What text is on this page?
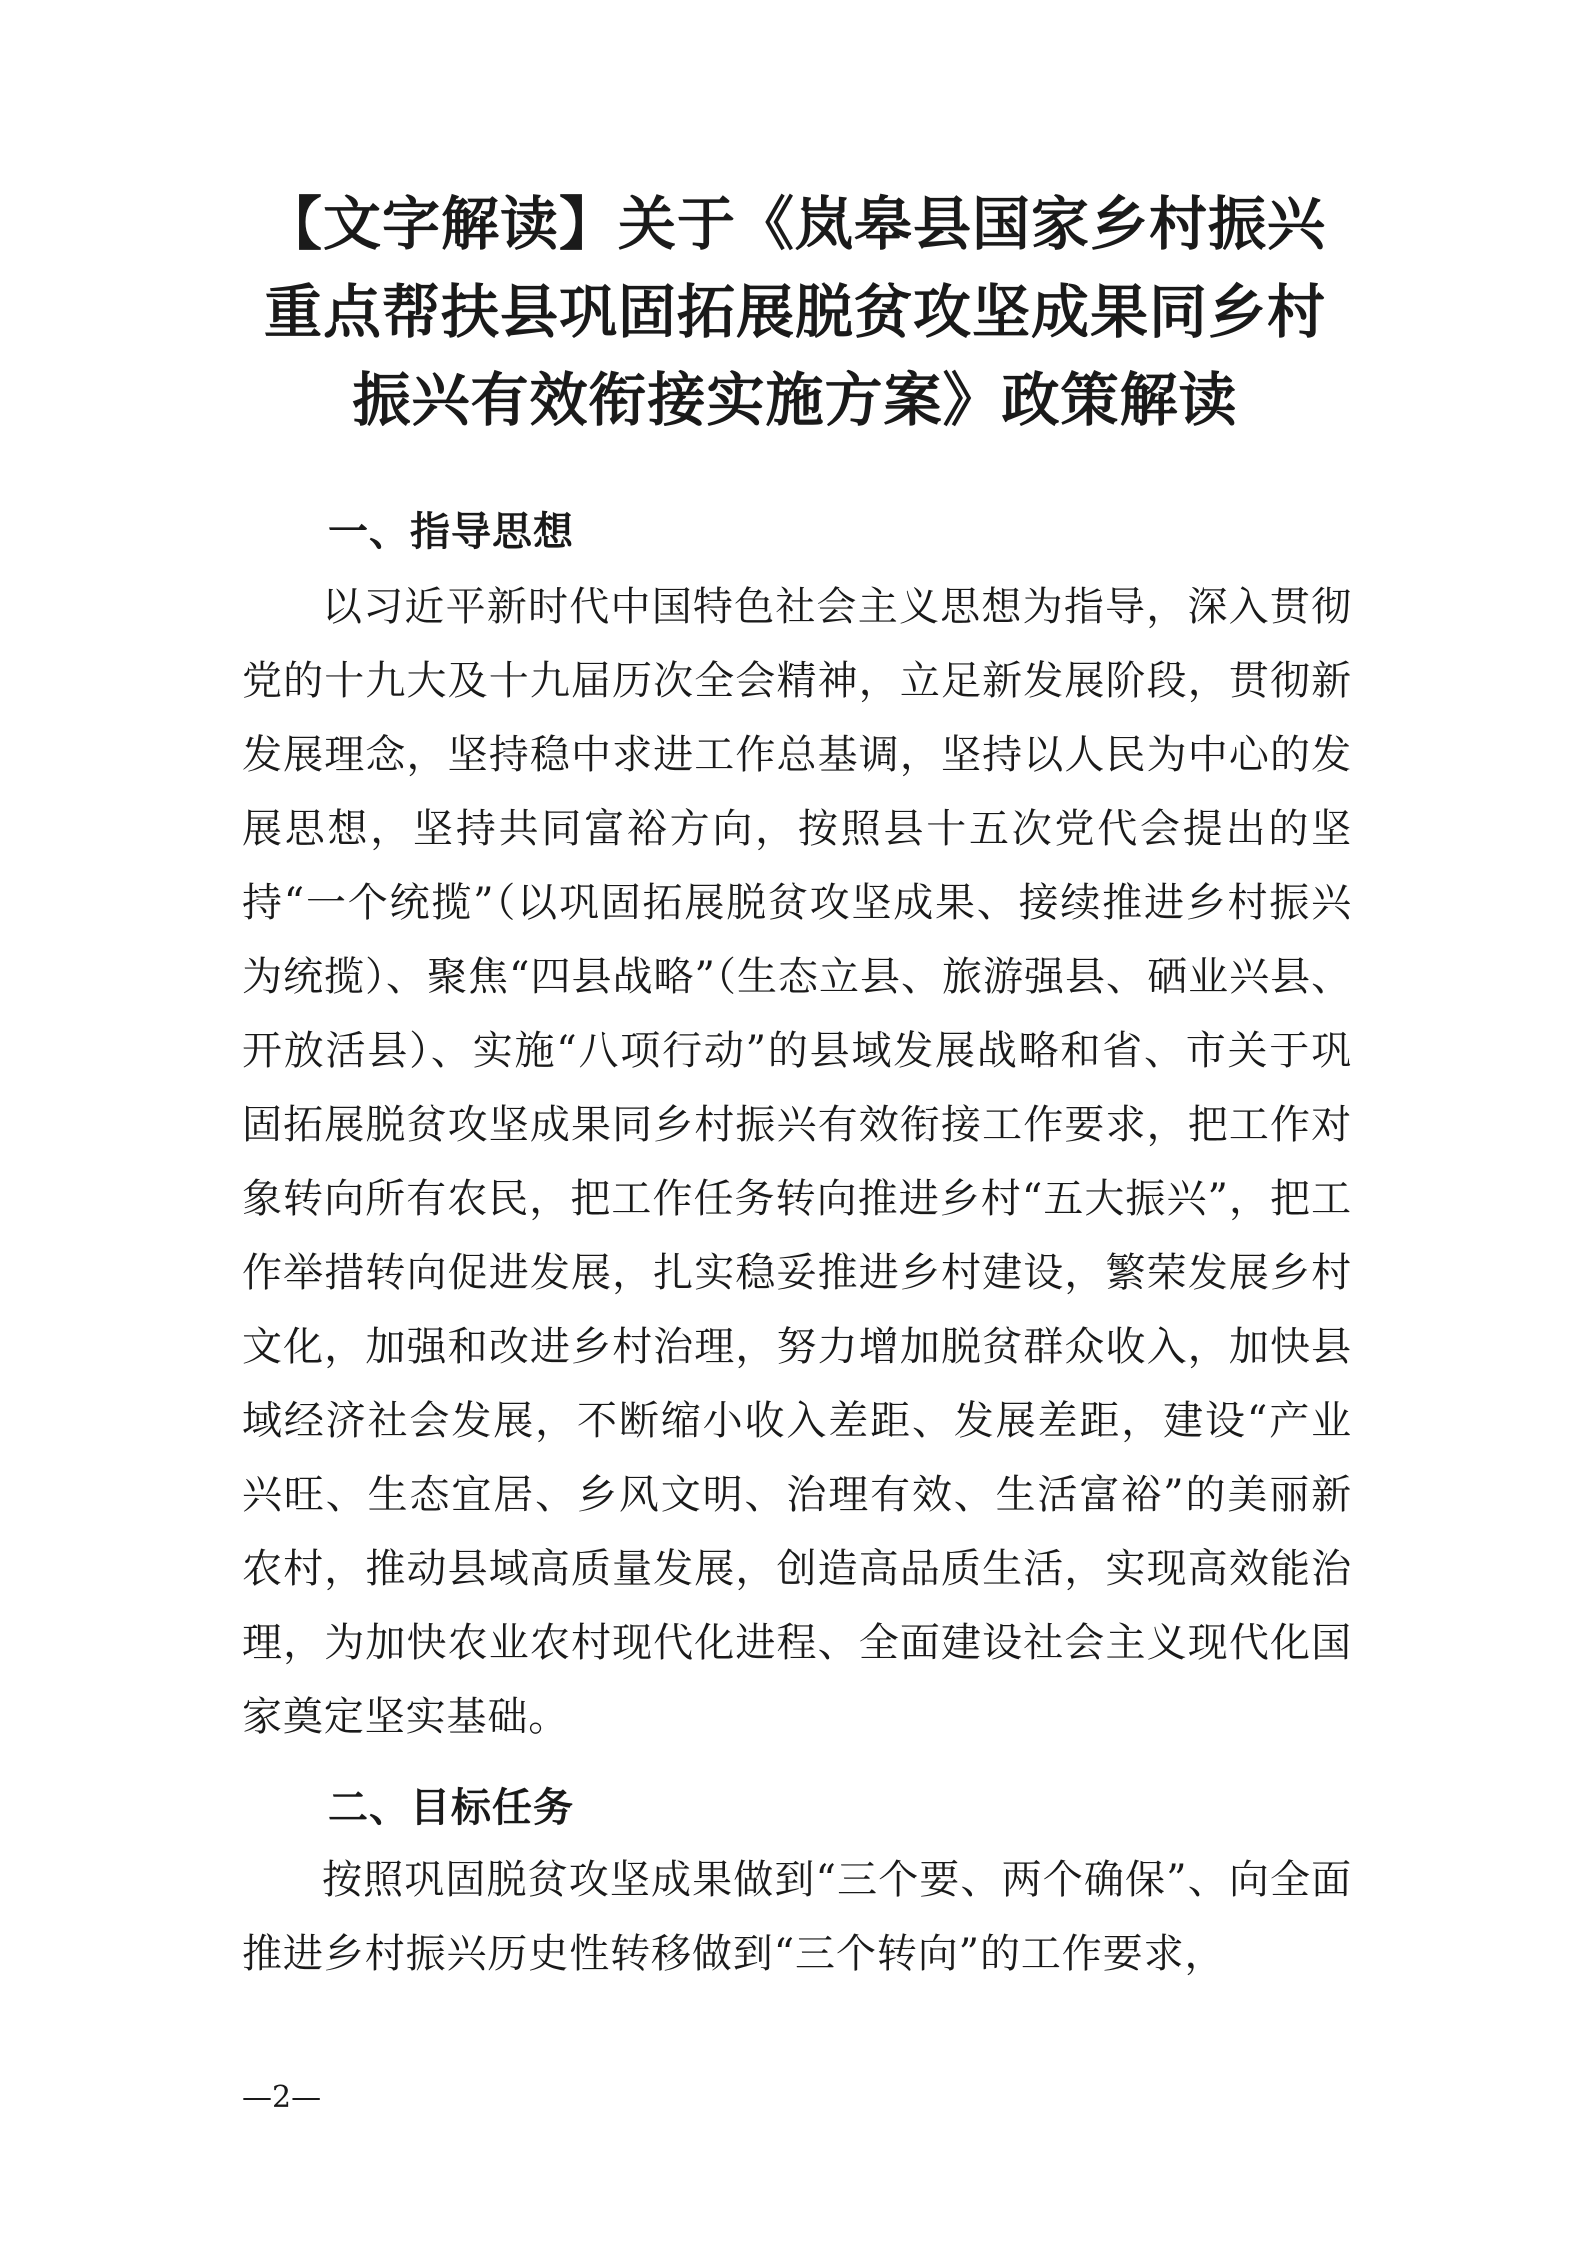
【文字解读】关于《岚皋县国家乡村振兴重点帮扶县巩固拓展脱贫攻坚成果同乡村振兴有效衔接实施方案》政策解读
一、指导思想

以习近平新时代中国特色社会主义思想为指导，深入贯彻党的十九大及十九届历次全会精神，立足新发展阶段，贯彻新发展理念，坚持稳中求进工作总基调，坚持以人民为中心的发展思想，坚持共同富裕方向，按照县十五次党代会提出的坚持“一个统揽”（以巩固拓展脱贫攻坚成果、接续推进乡村振兴为统揽）、聚焦“四县战略”（生态立县、旅游强县、硒业兴县、开放活县）、实施“八项行动”的县域发展战略和省、市关于巩固拓展脱贫攻坚成果同乡村振兴有效衔接工作要求，把工作对象转向所有农民，把工作任务转向推进乡村“五大振兴”，把工作举措转向促进发展，扎实稳妥推进乡村建设，繁荣发展乡村文化，加强和改进乡村治理，努力增加脱贫群众收入，加快县域经济社会发展，不断缩小收入差距、发展差距，建设“产业兴旺、生态宜居、乡风文明、治理有效、生活富裕”的美丽新农村，推动县域高质量发展，创造高品质生活，实现高效能治理，为加快农业农村现代化进程、全面建设社会主义现代化国家奠定坚实基础。

二、目标任务

按照巩固脱贫攻坚成果做到“三个要、两个确保”、向全面推进乡村振兴历史性转移做到“三个转向”的工作要求，

—2—
